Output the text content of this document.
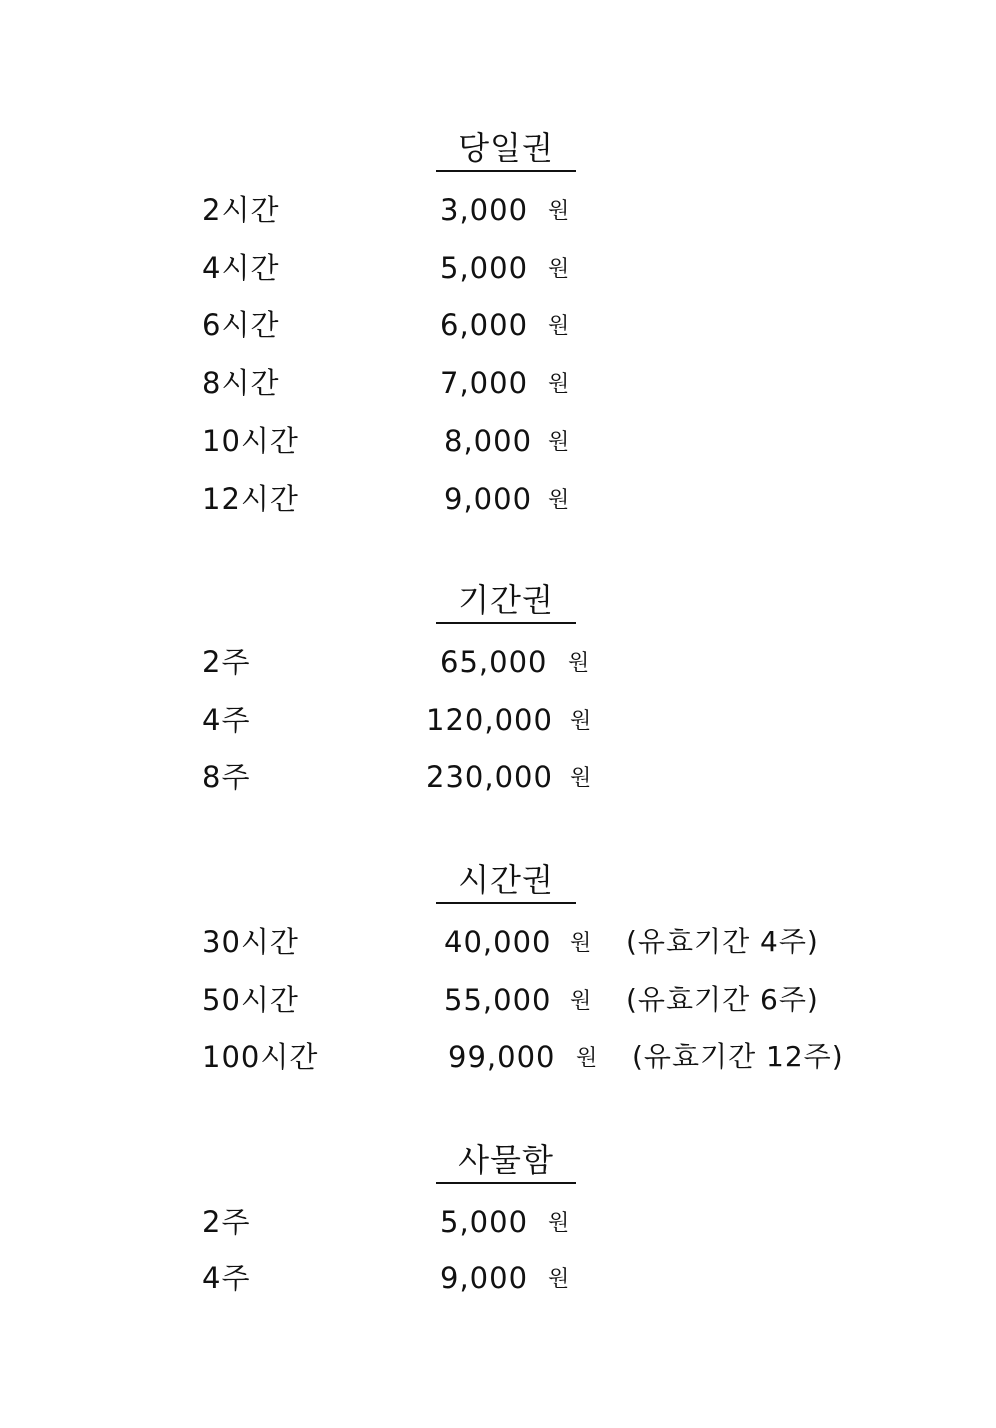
당일권
2시간	3,000 원
4시간	5,000 원
6시간	6,000 원
8시간	7,000 원
10시간	8,000 원
12시간	9,000 원
기간권
2주	65,000 원
4주	120,000 원
8주	230,000 원
시간권
30시간	40,000 원 (유효기간 4주)
50시간	55,000 원 (유효기간 6주)
100시간	99,000 원 (유효기간 12주)
사물함
2주	5,000 원
4주	9,000 원
